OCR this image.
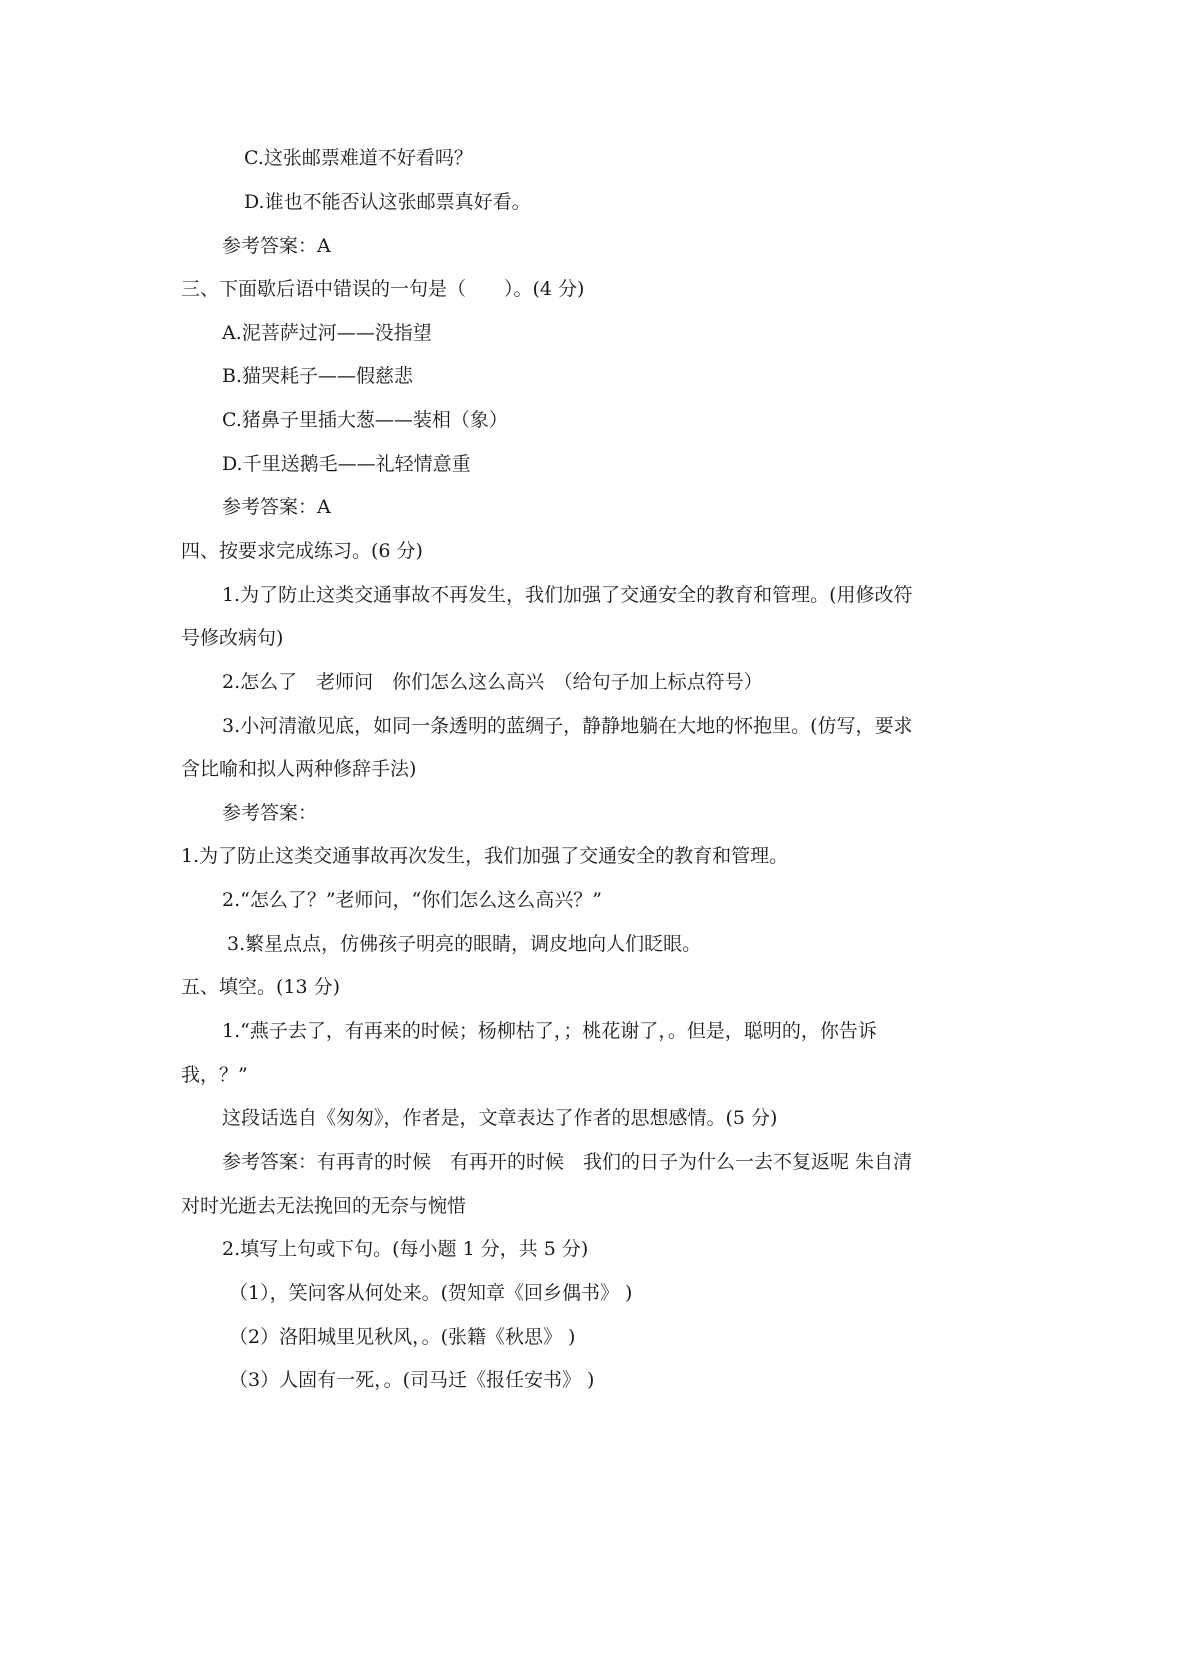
C.这张邮票难道不好看吗？
D.谁也不能否认这张邮票真好看。
参考答案：A
三、下面歇后语中错误的一句是（　　）。(4 分)
A.泥菩萨过河——没指望
B.猫哭耗子——假慈悲
C.猪鼻子里插大葱——装相（象）
D.千里送鹅毛——礼轻情意重
参考答案：A
四、按要求完成练习。(6 分)
1.为了防止这类交通事故不再发生，我们加强了交通安全的教育和管理。(用修改符
号修改病句)
2.怎么了　老师问　你们怎么这么高兴　（给句子加上标点符号）
3.小河清澈见底，如同一条透明的蓝绸子，静静地躺在大地的怀抱里。(仿写，要求
含比喻和拟人两种修辞手法)
参考答案：
1.为了防止这类交通事故再次发生，我们加强了交通安全的教育和管理。
2.“怎么了？”老师问，“你们怎么这么高兴？”
3.繁星点点，仿佛孩子明亮的眼睛，调皮地向人们眨眼。
五、填空。(13 分)
1.“燕子去了，有再来的时候；杨柳枯了，；桃花谢了，。但是，聪明的，你告诉
我，？”
这段话选自《匆匆》，作者是，文章表达了作者的思想感情。(5 分)
参考答案：有再青的时候　有再开的时候　我们的日子为什么一去不复返呢 朱自清
对时光逝去无法挽回的无奈与惋惜
2.填写上句或下句。(每小题 1 分，共 5 分)
（1），笑问客从何处来。(贺知章《回乡偶书》 )
（2）洛阳城里见秋风，。(张籍《秋思》 )
（3）人固有一死，。(司马迁《报任安书》 )
